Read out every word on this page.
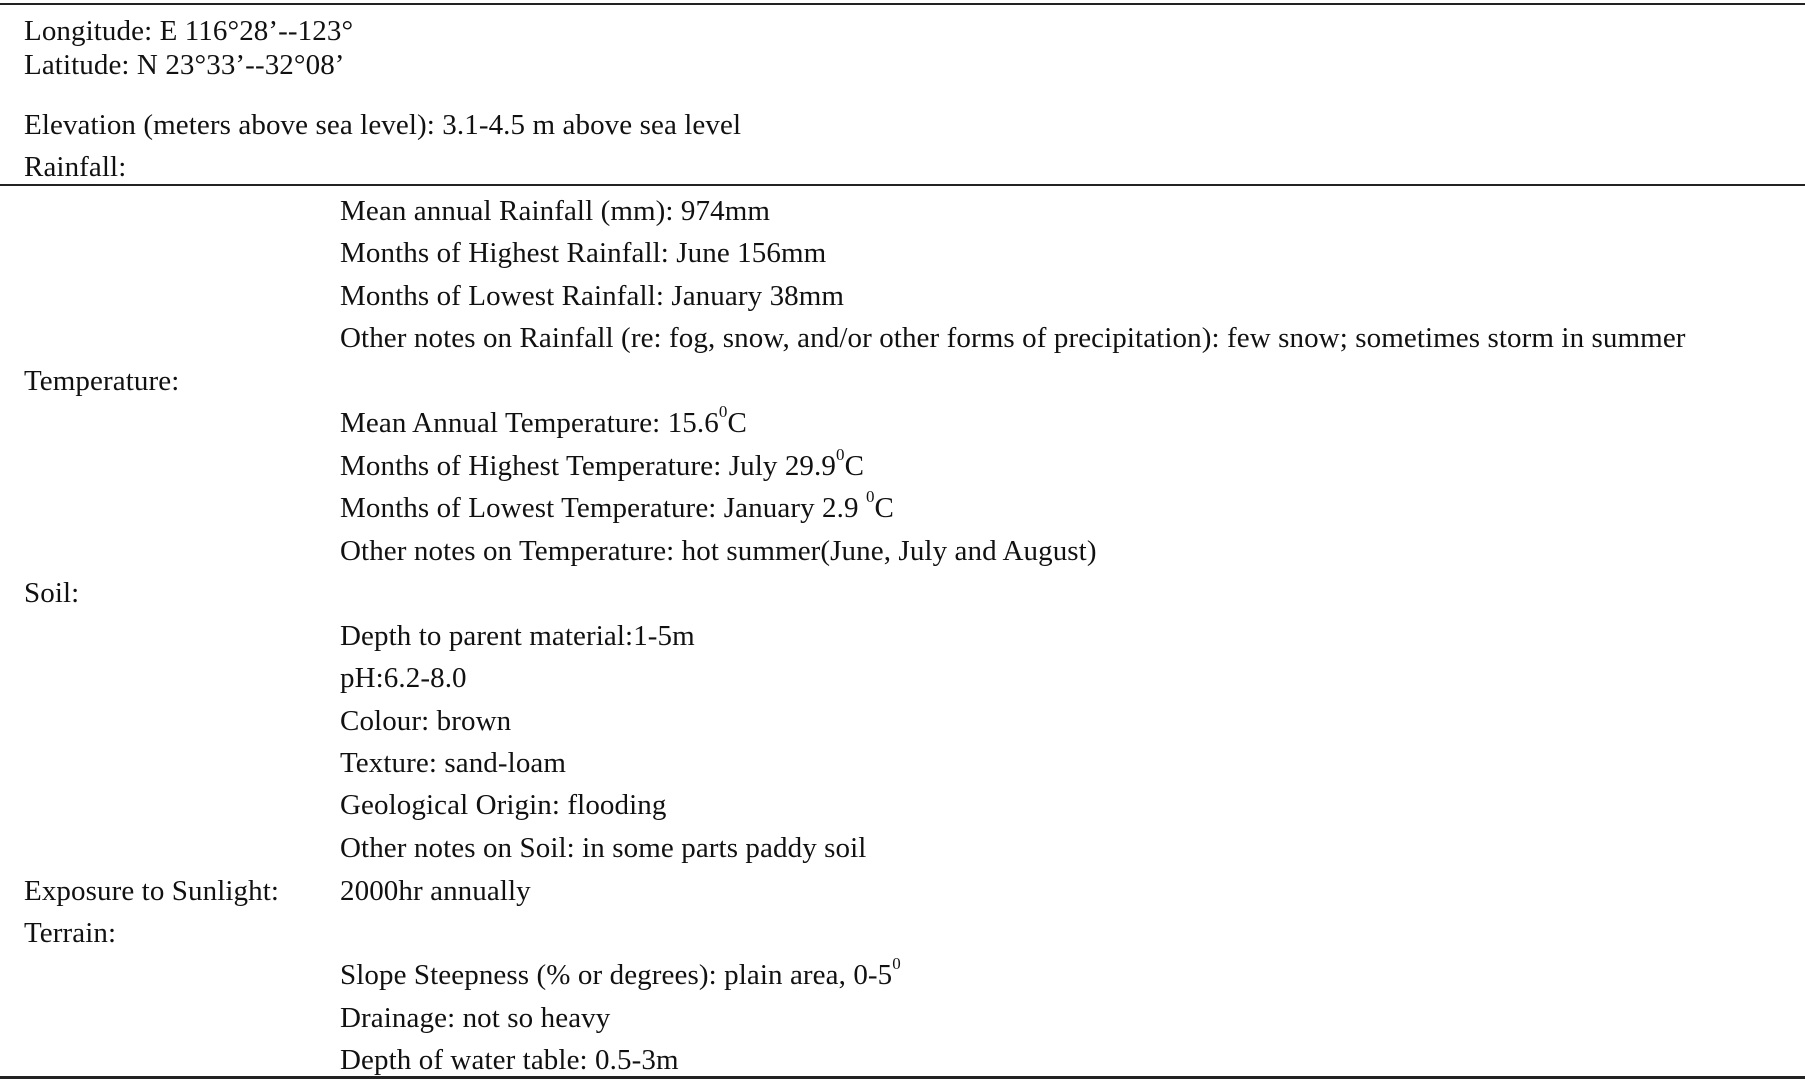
Longitude: E 116°28’--123°
Latitude: N 23°33’--32°08’
Elevation (meters above sea level): 3.1-4.5 m above sea level
Rainfall:
Mean annual Rainfall (mm): 974mm
Months of Highest Rainfall: June 156mm
Months of Lowest Rainfall: January 38mm
Other notes on Rainfall (re: fog, snow, and/or other forms of precipitation): few snow; sometimes storm in summer
Temperature:
Mean Annual Temperature: 15.6$^0$C
Months of Highest Temperature: July 29.9$^0$C
Months of Lowest Temperature: January 2.9 $^0$C
Other notes on Temperature: hot summer(June, July and August)
Soil:
Depth to parent material:1-5m
pH:6.2-8.0
Colour: brown
Texture: sand-loam
Geological Origin: flooding
Other notes on Soil: in some parts paddy soil
Exposure to Sunlight: 2000hr annually
Terrain:
Slope Steepness (% or degrees): plain area, $0-5^0$
Drainage: not so heavy
Depth of water table: 0.5-3m
